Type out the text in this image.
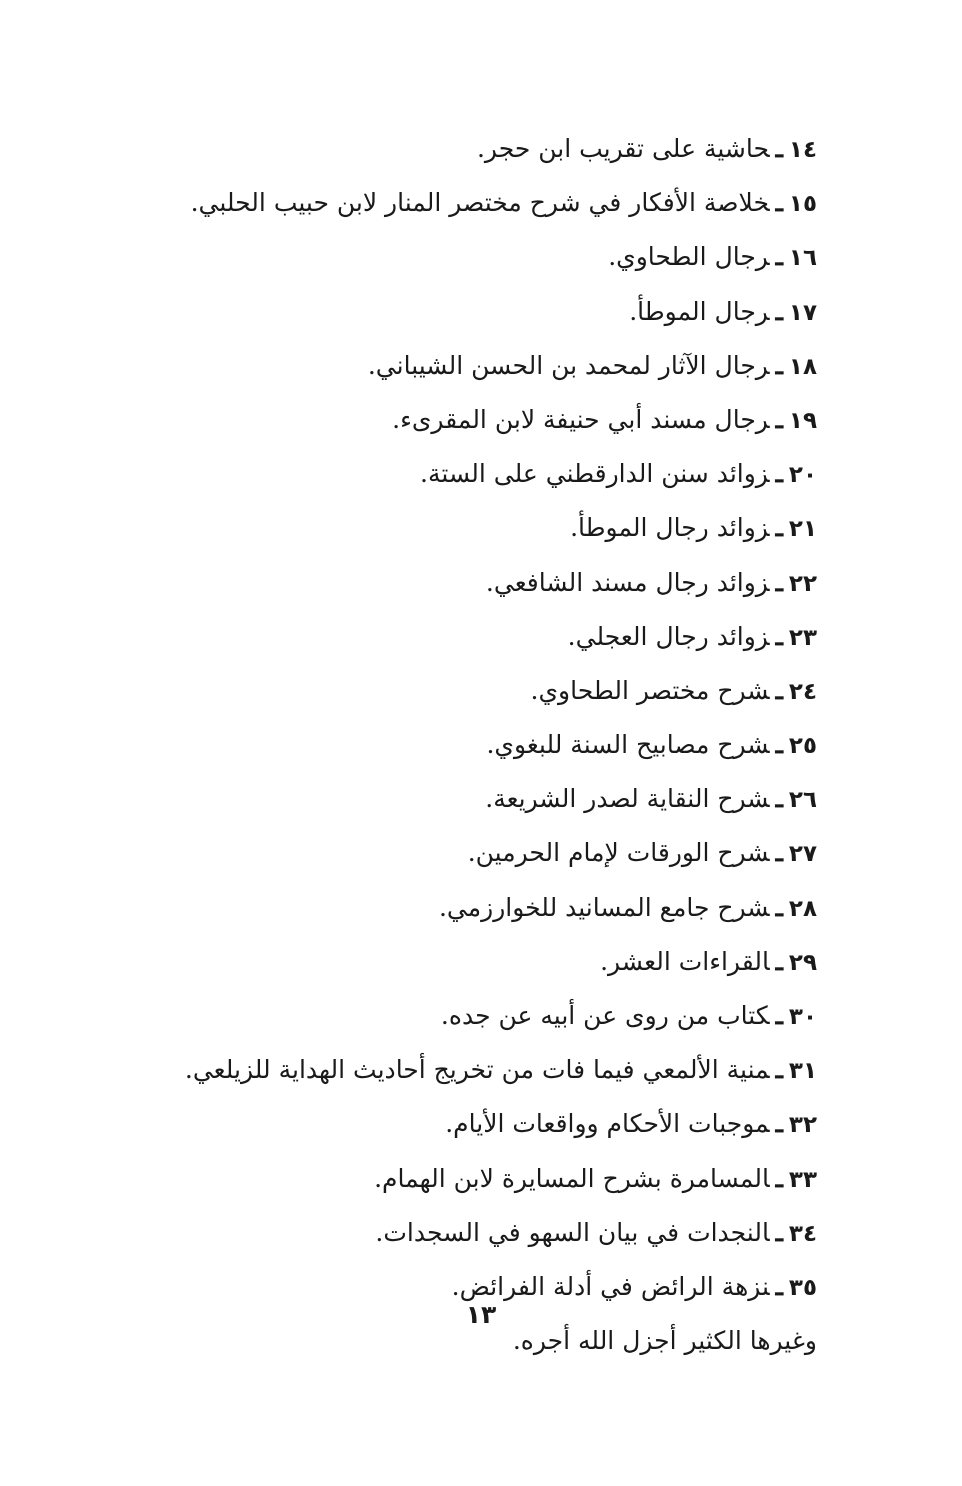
١٤ـحاشية على تقريب ابن حجر.
١٥ـخلاصة الأفكار في شرح مختصر المنار لابن حبيب الحلبي.
١٦ـرجال الطحاوي.
١٧ـرجال الموطأ.
١٨ـرجال الآثار لمحمد بن الحسن الشيباني.
١٩ـرجال مسند أبي حنيفة لابن المقرىء.
٢٠ـزوائد سنن الدارقطني على الستة.
٢١ـزوائد رجال الموطأ.
٢٢ـزوائد رجال مسند الشافعي.
٢٣ـزوائد رجال العجلي.
٢٤ـشرح مختصر الطحاوي.
٢٥ـشرح مصابيح السنة للبغوي.
٢٦ـشرح النقاية لصدر الشريعة.
٢٧ـشرح الورقات لإمام الحرمين.
٢٨ـشرح جامع المسانيد للخوارزمي.
٢٩ـالقراءات العشر.
٣٠ـكتاب من روى عن أبيه عن جده.
٣١ـمنية الألمعي فيما فات من تخريج أحاديث الهداية للزيلعي.
٣٢ـموجبات الأحكام وواقعات الأيام.
٣٣ـالمسامرة بشرح المسايرة لابن الهمام.
٣٤ـالنجدات في بيان السهو في السجدات.
٣٥ـنزهة الرائض في أدلة الفرائض.
وغيرها الكثير أجزل الله أجره.
١٣
